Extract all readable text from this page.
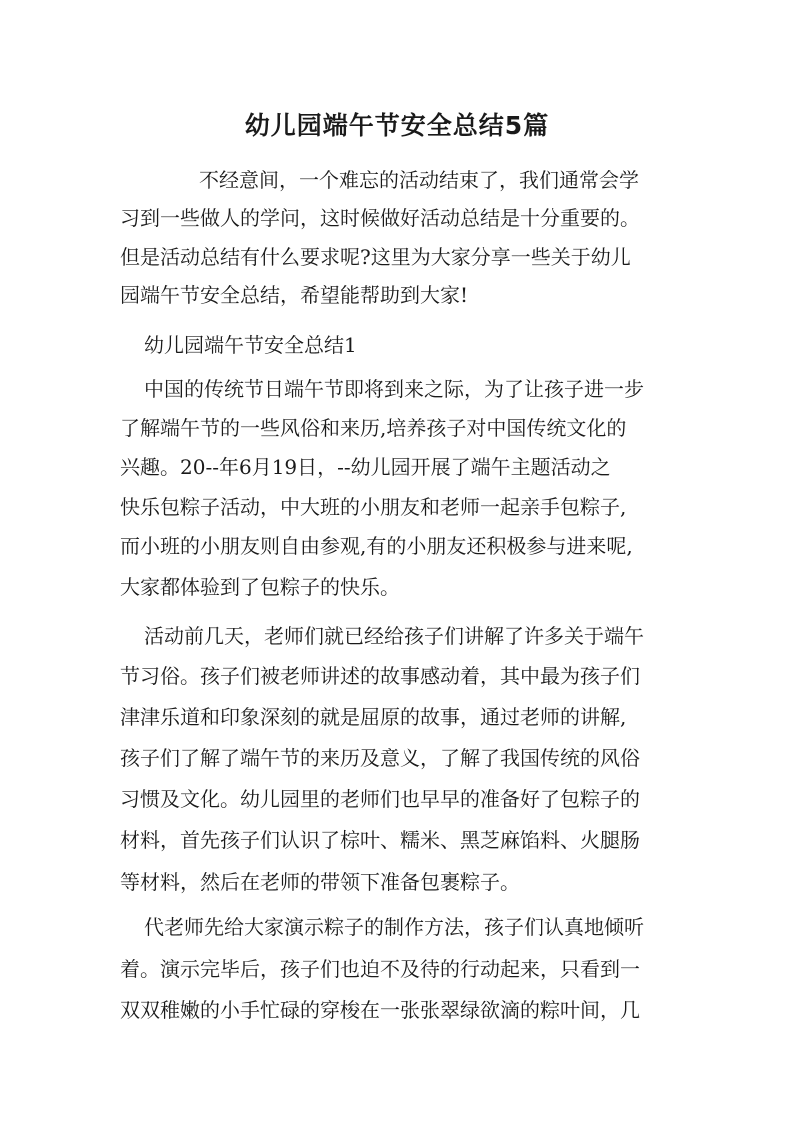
幼儿园端午节安全总结5篇
不经意间，一个难忘的活动结束了，我们通常会学
习到一些做人的学问，这时候做好活动总结是十分重要的。
但是活动总结有什么要求呢?这里为大家分享一些关于幼儿
园端午节安全总结，希望能帮助到大家!
幼儿园端午节安全总结1
中国的传统节日端午节即将到来之际，为了让孩子进一步
了解端午节的一些风俗和来历,培养孩子对中国传统文化的
兴趣。20--年6月19日，--幼儿园开展了端午主题活动之
快乐包粽子活动，中大班的小朋友和老师一起亲手包粽子,
而小班的小朋友则自由参观,有的小朋友还积极参与进来呢,
大家都体验到了包粽子的快乐。
活动前几天，老师们就已经给孩子们讲解了许多关于端午
节习俗。孩子们被老师讲述的故事感动着，其中最为孩子们
津津乐道和印象深刻的就是屈原的故事，通过老师的讲解,
孩子们了解了端午节的来历及意义，了解了我国传统的风俗
习惯及文化。幼儿园里的老师们也早早的准备好了包粽子的
材料，首先孩子们认识了棕叶、糯米、黑芝麻馅料、火腿肠
等材料，然后在老师的带领下准备包裹粽子。
代老师先给大家演示粽子的制作方法，孩子们认真地倾听
着。演示完毕后，孩子们也迫不及待的行动起来，只看到一
双双稚嫩的小手忙碌的穿梭在一张张翠绿欲滴的粽叶间，几
